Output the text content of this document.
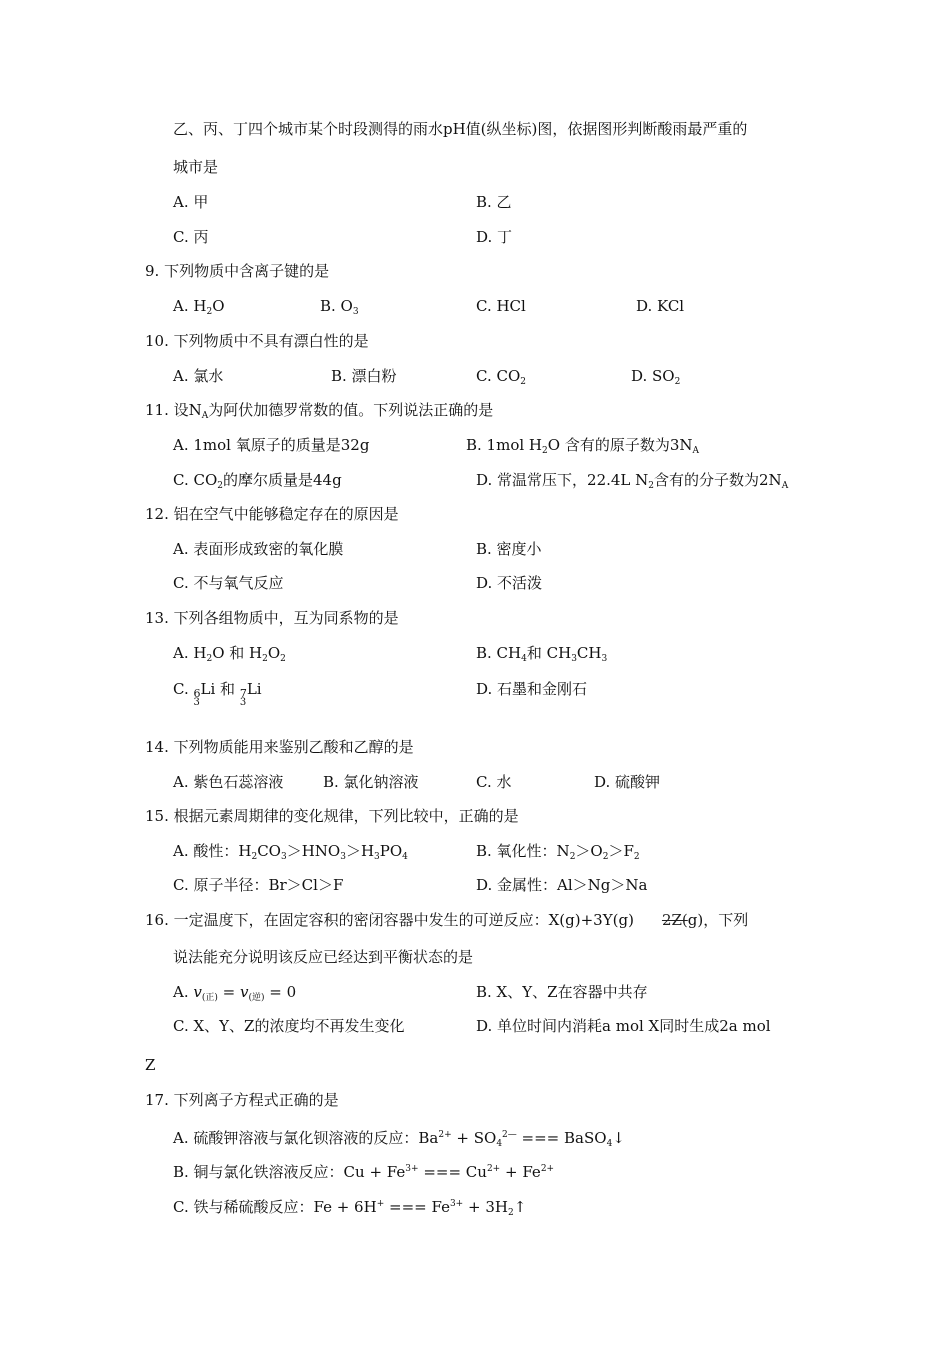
乙、丙、丁四个城市某个时段测得的雨水pH值(纵坐标)图，依据图形判断酸雨最严重的
城市是
A. 甲	B. 乙
C. 丙	D. 丁
9. 下列物质中含离子键的是
A. $H_2O$	B. $O_3$	C. HCl	D. KCl
10. 下列物质中不具有漂白性的是
A. 氯水	B. 漂白粉	C. $CO_2$	D. $SO_2$
11. 设$N_A$为阿伏加德罗常数的值。下列说法正确的是
A. 1mol 氧原子的质量是32g	B. 1mol $H_2O$ 含有的原子数为$3N_A$
C. $CO_2$的摩尔质量是44g	D. 常温常压下，22.4L $N_2$含有的分子数为$2N_A$
12. 铝在空气中能够稳定存在的原因是
A. 表面形成致密的氧化膜	B. 密度小
C. 不与氧气反应	D. 不活泼
13. 下列各组物质中，互为同系物的是
A. $H_2O$ 和 $H_2O_2$	B. $CH_4$和 $CH_3CH_3$
C. $_6$Li
3
和 $_7$Li
3
D. 石墨和金刚石
14. 下列物质能用来鉴别乙酸和乙醇的是
A. 紫色石蕊溶液	B. 氯化钠溶液	C. 水	D. 硫酸钾
15. 根据元素周期律的变化规律，下列比较中，正确的是
A. 酸性：$H_2CO_3>HNO_3>H_3PO_4$	B. 氧化性：$N_2>O_2>F_2$
C. 原子半径：Br＞Cl＞F	D. 金属性：Al＞Ng＞Na
16. 一定温度下，在固定容积的密闭容器中发生的可逆反应：X(g)+3Y(g) 2Z(g)，下列
说法能充分说明该反应已经达到平衡状态的是
A. $v_{(正)} = v_{(逆)} = 0$	B. X、Y、Z在容器中共存
C. X、Y、Z的浓度均不再发生变化	D. 单位时间内消耗a mol X同时生成2a mol
Z
17. 下列离子方程式正确的是
A. 硫酸钾溶液与氯化钡溶液的反应：$Ba^{2+} + SO_4^{2—}$ === BaSO$_4$↓
B. 铜与氯化铁溶液反应：$Cu + Fe^{3+}$ === $Cu^{2+} + Fe^{2+}$
C. 铁与稀硫酸反应：Fe + 6H+ === $Fe^{3+}$ + $3H_2↑$
